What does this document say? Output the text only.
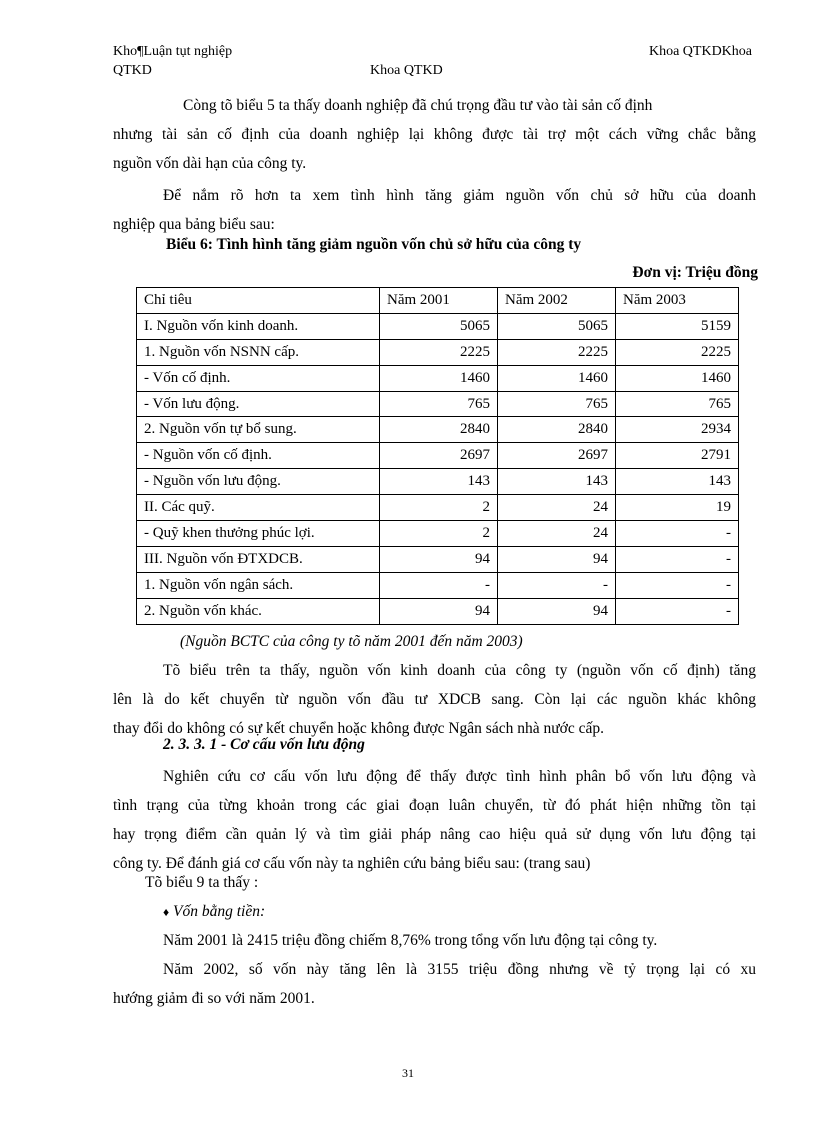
Kho¶Luận tụt nghiệp
QTKD	Khoa QTKD
Khoa QTKDKhoa
Còng tõ biểu 5 ta thấy doanh nghiệp đã chú trọng đầu tư vào tài sản cố định
nhưng tài sản cố định của doanh nghiệp lại không được tài trợ một cách vững chắc bằng
nguồn vốn dài hạn của công ty.
Để nắm rõ hơn ta xem tình hình tăng giảm nguồn vốn chủ sở hữu của doanh
nghiệp qua bảng biểu sau:
Biểu 6: Tình hình tăng giảm nguồn vốn chủ sở hữu của công ty
Đơn vị: Triệu đồng
Chỉ tiêu	Năm 2001	Năm 2002	Năm 2003
I. Nguồn vốn kinh doanh.	5065	5065	5159
1. Nguồn vốn NSNN cấp.	2225	2225	2225
- Vốn cố định.	1460	1460	1460
- Vốn lưu động.	765	765	765
2. Nguồn vốn tự bổ sung.	2840	2840	2934
- Nguồn vốn cố định.	2697	2697	2791
- Nguồn vốn lưu động.	143	143	143
II. Các quỹ.	2	24	19
- Quỹ khen thưởng phúc lợi.	2	24	-
III. Nguồn vốn ĐTXDCB.	94	94	-
1. Nguồn vốn ngân sách.	-	-	-
2. Nguồn vốn khác.	94	94	-
(Nguồn BCTC của công ty tõ năm 2001 đến năm 2003)
Tõ biểu trên ta thấy, nguồn vốn kinh doanh của công ty (nguồn vốn cố định) tăng
lên là do kết chuyển từ nguồn vốn đầu tư XDCB sang. Còn lại các nguồn khác không
thay đổi do không có sự kết chuyển hoặc không được Ngân sách nhà nước cấp.
2. 3. 3. 1 - Cơ cấu vốn lưu động
Nghiên cứu cơ cấu vốn lưu động để thấy được tình hình phân bổ vốn lưu động và
tình trạng của từng khoản trong các giai đoạn luân chuyển, từ đó phát hiện những tồn tại
hay trọng điểm cần quản lý và tìm giải pháp nâng cao hiệu quả sử dụng vốn lưu động tại
công ty. Để đánh giá cơ cấu vốn này ta nghiên cứu bảng biểu sau: (trang sau)
Tõ biểu 9 ta thấy :
♦ Vốn bằng tiền:
Năm 2001 là 2415 triệu đồng chiếm 8,76% trong tổng vốn lưu động tại công ty.
Năm 2002, số vốn này tăng lên là 3155 triệu đồng nhưng về tỷ trọng lại có xu
hướng giảm đi so với năm 2001.
31
